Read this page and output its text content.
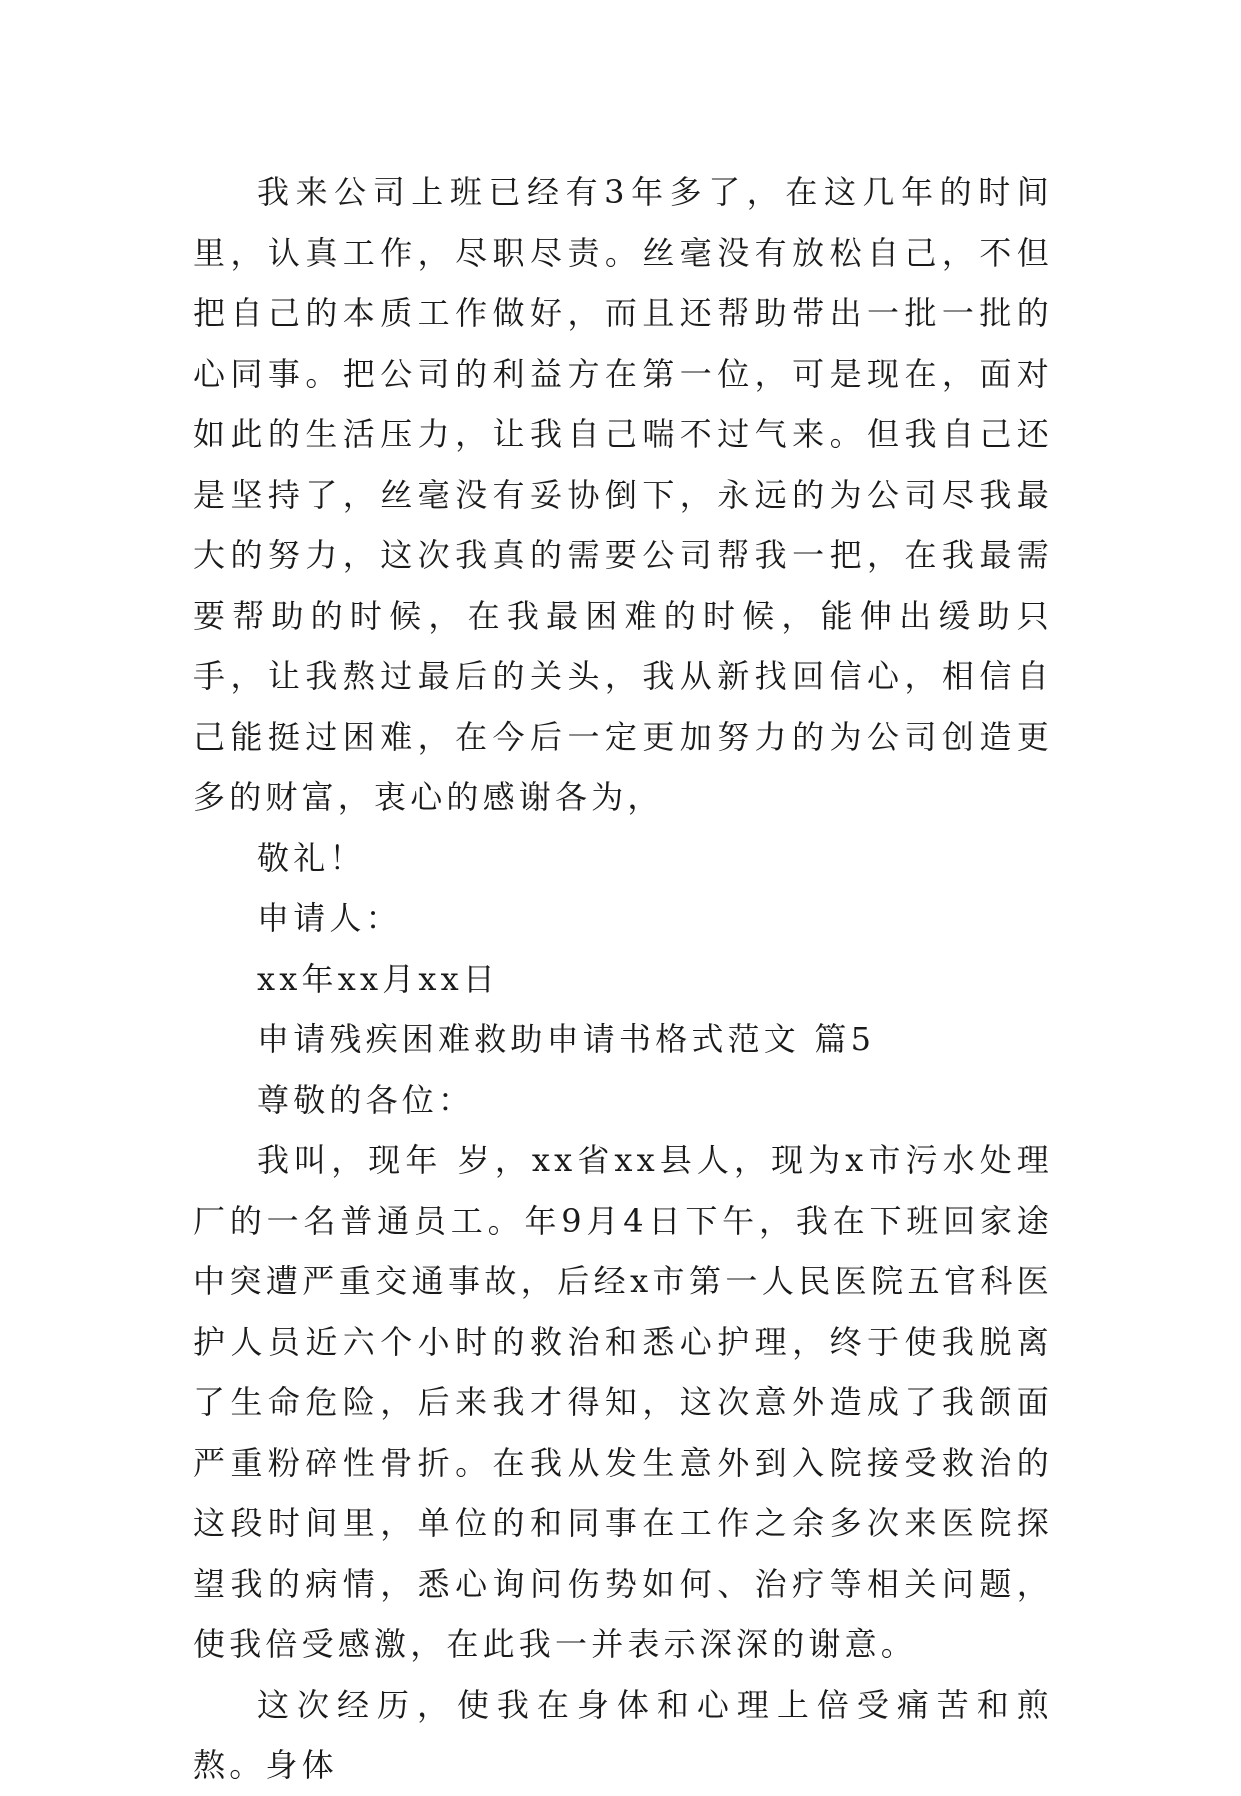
我来公司上班已经有3年多了，在这几年的时间里，认真工作，尽职尽责。丝毫没有放松自己，不但把自己的本质工作做好，而且还帮助带出一批一批的心同事。把公司的利益方在第一位，可是现在，面对如此的生活压力，让我自己喘不过气来。但我自己还是坚持了，丝毫没有妥协倒下，永远的为公司尽我最大的努力，这次我真的需要公司帮我一把，在我最需要帮助的时候，在我最困难的时候，能伸出缓助只手，让我熬过最后的关头，我从新找回信心，相信自己能挺过困难，在今后一定更加努力的为公司创造更多的财富，衷心的感谢各为，

敬礼！

申请人：

xx年xx月xx日

申请残疾困难救助申请书格式范文 篇5

尊敬的各位：

我叫，现年 岁，xx省xx县人，现为x市污水处理厂的一名普通员工。年9月4日下午，我在下班回家途中突遭严重交通事故，后经x市第一人民医院五官科医护人员近六个小时的救治和悉心护理，终于使我脱离了生命危险，后来我才得知，这次意外造成了我颌面严重粉碎性骨折。在我从发生意外到入院接受救治的这段时间里，单位的和同事在工作之余多次来医院探望我的病情，悉心询问伤势如何、治疗等相关问题，使我倍受感激，在此我一并表示深深的谢意。

这次经历，使我在身体和心理上倍受痛苦和煎熬。身体
